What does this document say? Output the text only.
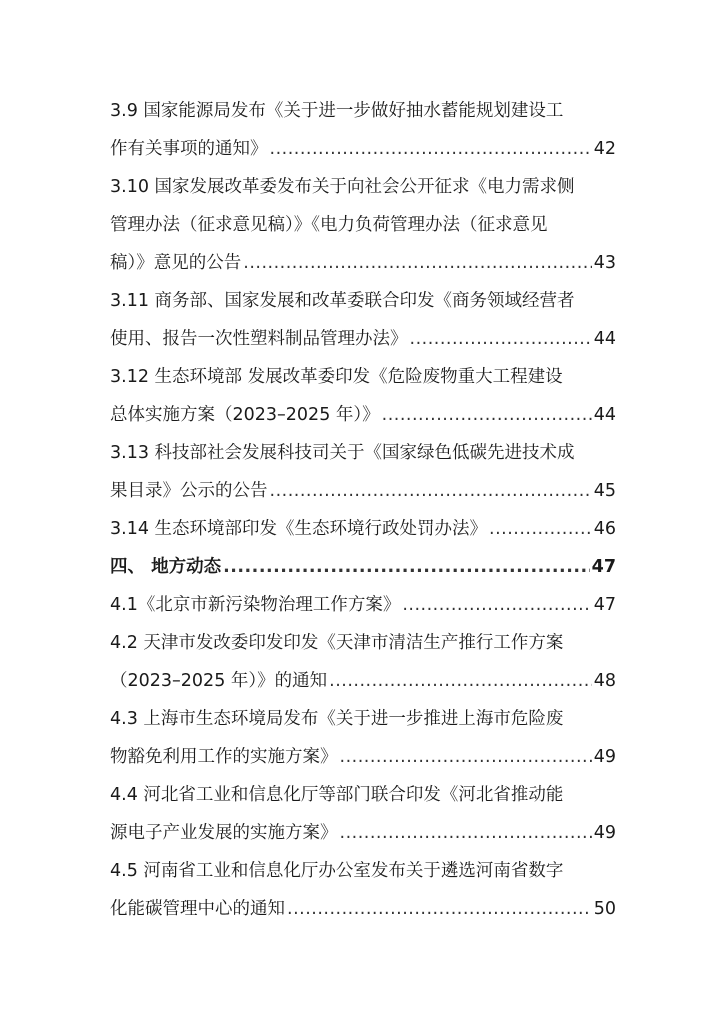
3.9 国家能源局发布《关于进一步做好抽水蓄能规划建设工
作有关事项的通知》 .....	42
3.10 国家发展改革委发布关于向社会公开征求《电力需求侧
管理办法（征求意见稿）》《电力负荷管理办法（征求意见
稿）》意见的公告 .....	43
3.11 商务部、国家发展和改革委联合印发《商务领域经营者
使用、报告一次性塑料制品管理办法》 .....	44
3.12 生态环境部 发展改革委印发《危险废物重大工程建设
总体实施方案（2023–2025 年）》 .....	44
3.13 科技部社会发展科技司关于《国家绿色低碳先进技术成
果目录》公示的公告 .....	45
3.14 生态环境部印发《生态环境行政处罚办法》 .....	46
四、 地方动态 .....	47
4.1《北京市新污染物治理工作方案》 .....	47
4.2 天津市发改委印发印发《天津市清洁生产推行工作方案
（2023–2025 年）》的通知 .....	48
4.3 上海市生态环境局发布《关于进一步推进上海市危险废
物豁免利用工作的实施方案》 .....	49
4.4 河北省工业和信息化厅等部门联合印发《河北省推动能
源电子产业发展的实施方案》 .....	49
4.5 河南省工业和信息化厅办公室发布关于遴选河南省数字
化能碳管理中心的通知 .....	50
